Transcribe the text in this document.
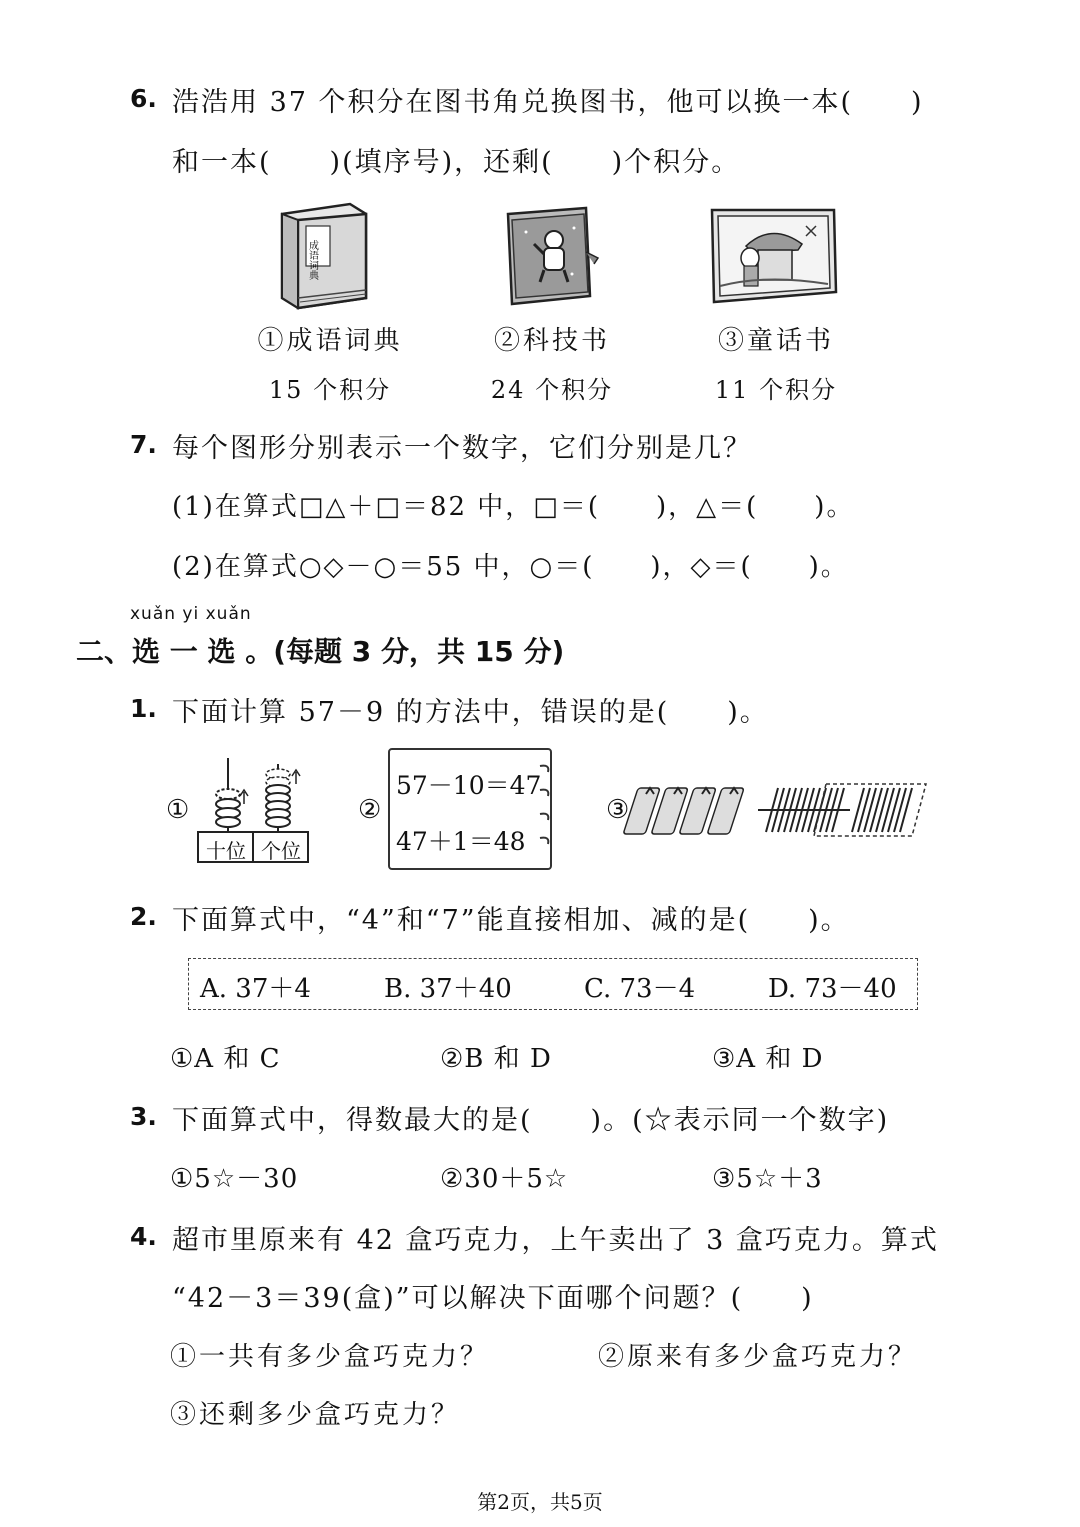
6. 浩浩用 37 个积分在图书角兑换图书，他可以换一本(　　)
和一本(　　)(填序号)，还剩(　　)个积分。
成语词典
①成语词典
15 个积分
②科技书
24 个积分
③童话书
11 个积分
7. 每个图形分别表示一个数字，它们分别是几？
(1)在算式□△＋□＝82 中，□＝(　　)，△＝(　　)。
(2)在算式○◇－○＝55 中，○＝(　　)，◇＝(　　)。
xuǎn yi xuǎn
二、选 一 选 。(每题 3 分，共 15 分)
1. 下面计算 57－9 的方法中，错误的是(　　)。
①
十位 个位
②
57－10＝47
47＋1＝48
③
2. 下面算式中，“4”和“7”能直接相加、减的是(　　)。
A. 37＋4	B. 37＋40	C. 73－4	D. 73－40
①A 和 C	②B 和 D	③A 和 D
3. 下面算式中，得数最大的是(　　)。(☆表示同一个数字)
①5☆－30	②30＋5☆	③5☆＋3
4. 超市里原来有 42 盒巧克力，上午卖出了 3 盒巧克力。算式
“42－3＝39(盒)”可以解决下面哪个问题？(　　)
①一共有多少盒巧克力？	②原来有多少盒巧克力？
③还剩多少盒巧克力？
第2页，共5页
